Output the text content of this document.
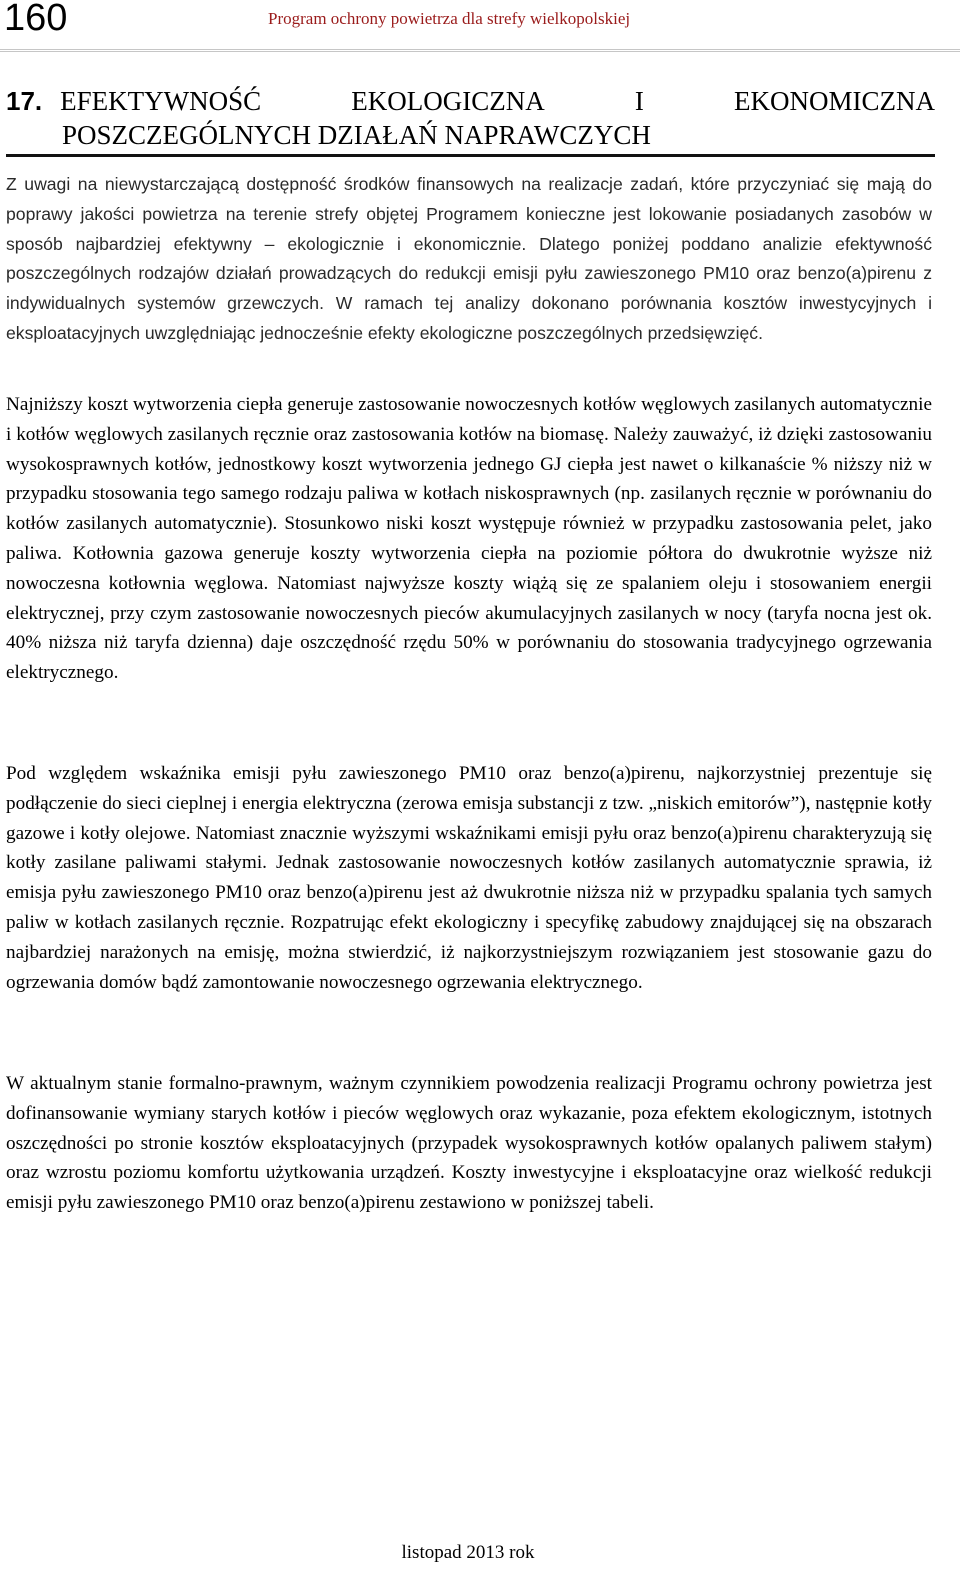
160	Program ochrony powietrza dla strefy wielkopolskiej
17. EFEKTYWNOŚĆ	EKOLOGICZNA	I	EKONOMICZNA
POSZCZEGÓLNYCH DZIAŁAŃ NAPRAWCZYCH

Z uwagi na niewystarczającą dostępność środków finansowych na realizacje zadań, które przyczyniać się mają do poprawy jakości powietrza na terenie strefy objętej Programem konieczne jest lokowanie posiadanych zasobów w sposób najbardziej efektywny – ekologicznie i ekonomicznie. Dlatego poniżej poddano analizie efektywność poszczególnych rodzajów działań prowadzących do redukcji emisji pyłu zawieszonego PM10 oraz benzo(a)pirenu z indywidualnych systemów grzewczych. W ramach tej analizy dokonano porównania kosztów inwestycyjnych i eksploatacyjnych uwzględniając jednocześnie efekty ekologiczne poszczególnych przedsięwzięć.

Najniższy koszt wytworzenia ciepła generuje zastosowanie nowoczesnych kotłów węglowych zasilanych automatycznie i kotłów węglowych zasilanych ręcznie oraz zastosowania kotłów na biomasę. Należy zauważyć, iż dzięki zastosowaniu wysokosprawnych kotłów, jednostkowy koszt wytworzenia jednego GJ ciepła jest nawet o kilkanaście % niższy niż w przypadku stosowania tego samego rodzaju paliwa w kotłach niskosprawnych (np. zasilanych ręcznie w porównaniu do kotłów zasilanych automatycznie). Stosunkowo niski koszt występuje również w przypadku zastosowania pelet, jako paliwa. Kotłownia gazowa generuje koszty wytworzenia ciepła na poziomie półtora do dwukrotnie wyższe niż nowoczesna kotłownia węglowa. Natomiast najwyższe koszty wiążą się ze spalaniem oleju i stosowaniem energii elektrycznej, przy czym zastosowanie nowoczesnych pieców akumulacyjnych zasilanych w nocy (taryfa nocna jest ok. 40% niższa niż taryfa dzienna) daje oszczędność rzędu 50% w porównaniu do stosowania tradycyjnego ogrzewania elektrycznego.

Pod względem wskaźnika emisji pyłu zawieszonego PM10 oraz benzo(a)pirenu, najkorzystniej prezentuje się podłączenie do sieci cieplnej i energia elektryczna (zerowa emisja substancji z tzw. „niskich emitorów”), następnie kotły gazowe i kotły olejowe. Natomiast znacznie wyższymi wskaźnikami emisji pyłu oraz benzo(a)pirenu charakteryzują się kotły zasilane paliwami stałymi. Jednak zastosowanie nowoczesnych kotłów zasilanych automatycznie sprawia, iż emisja pyłu zawieszonego PM10 oraz benzo(a)pirenu jest aż dwukrotnie niższa niż w przypadku spalania tych samych paliw w kotłach zasilanych ręcznie. Rozpatrując efekt ekologiczny i specyfikę zabudowy znajdującej się na obszarach najbardziej narażonych na emisję, można stwierdzić, iż najkorzystniejszym rozwiązaniem jest stosowanie gazu do ogrzewania domów bądź zamontowanie nowoczesnego ogrzewania elektrycznego.

W aktualnym stanie formalno-prawnym, ważnym czynnikiem powodzenia realizacji Programu ochrony powietrza jest dofinansowanie wymiany starych kotłów i pieców węglowych oraz wykazanie, poza efektem ekologicznym, istotnych oszczędności po stronie kosztów eksploatacyjnych (przypadek wysokosprawnych kotłów opalanych paliwem stałym) oraz wzrostu poziomu komfortu użytkowania urządzeń. Koszty inwestycyjne i eksploatacyjne oraz wielkość redukcji emisji pyłu zawieszonego PM10 oraz benzo(a)pirenu zestawiono w poniższej tabeli.

listopad 2013 rok
